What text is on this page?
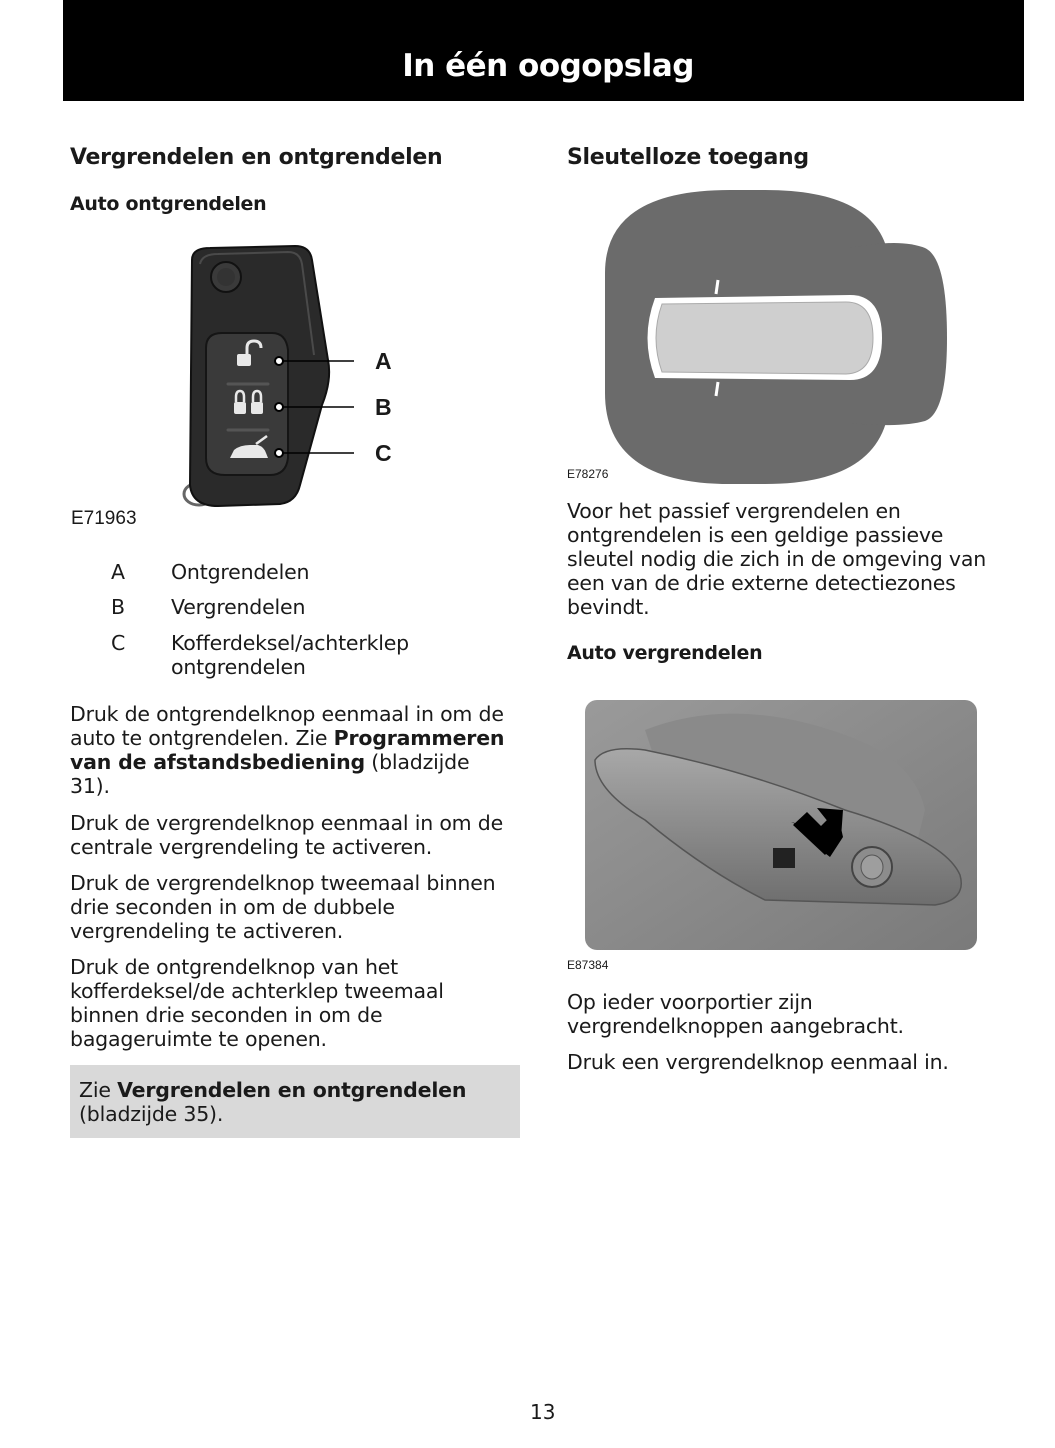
In één oogopslag
Vergrendelen en ontgrendelen
Auto ontgrendelen
A
B
C
E71963
A Ontgrendelen
B Vergrendelen
C Kofferdeksel/achterklep
ontgrendelen
Druk de ontgrendelknop eenmaal in om de
auto te ontgrendelen. Zie Programmeren
van de afstandsbediening (bladzijde
31).
Druk de vergrendelknop eenmaal in om de
centrale vergrendeling te activeren.
Druk de vergrendelknop tweemaal binnen
drie seconden in om de dubbele
vergrendeling te activeren.
Druk de ontgrendelknop van het
kofferdeksel/de achterklep tweemaal
binnen drie seconden in om de
bagageruimte te openen.

Zie Vergrendelen en ontgrendelen
(bladzijde 35).

Sleutelloze toegang
E78276
Voor het passief vergrendelen en
ontgrendelen is een geldige passieve
sleutel nodig die zich in de omgeving van
een van de drie externe detectiezones
bevindt.
Auto vergrendelen
E87384
Op ieder voorportier zijn
vergrendelknoppen aangebracht.
Druk een vergrendelknop eenmaal in.
13
